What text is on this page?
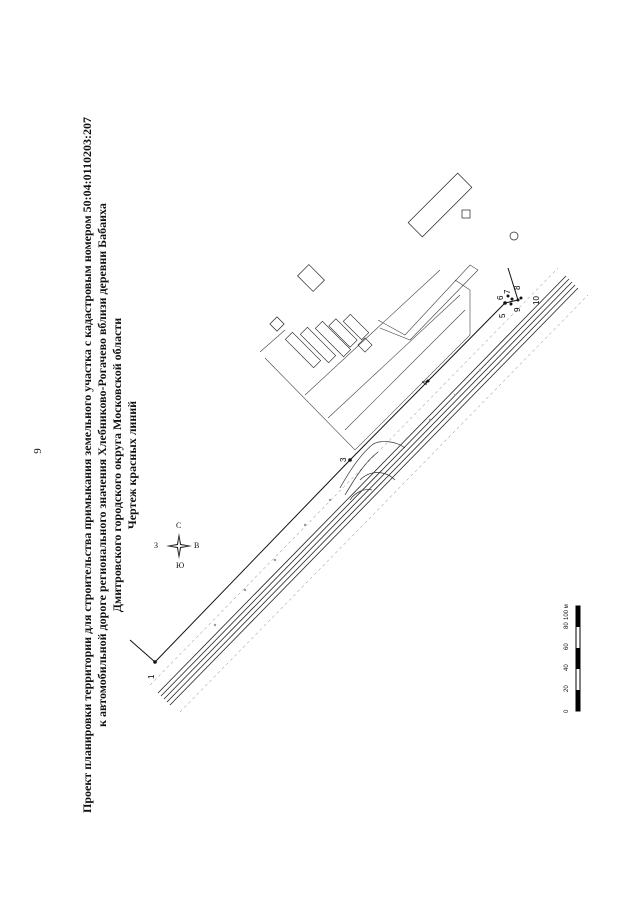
9	Проект планировки территории для строительства примыкания земельного участка с кадастровым номером 50:04:0110203:207 к автомобильной дороге регионального значения Хлебниково-Рогачево вблизи деревни Бабаиха Дмитровского городского округа Московской области Чертеж красных линий	С
Ю
В
З
0
20
40
60
80
100 м
1
3
4
5
6
7
8
9
10
